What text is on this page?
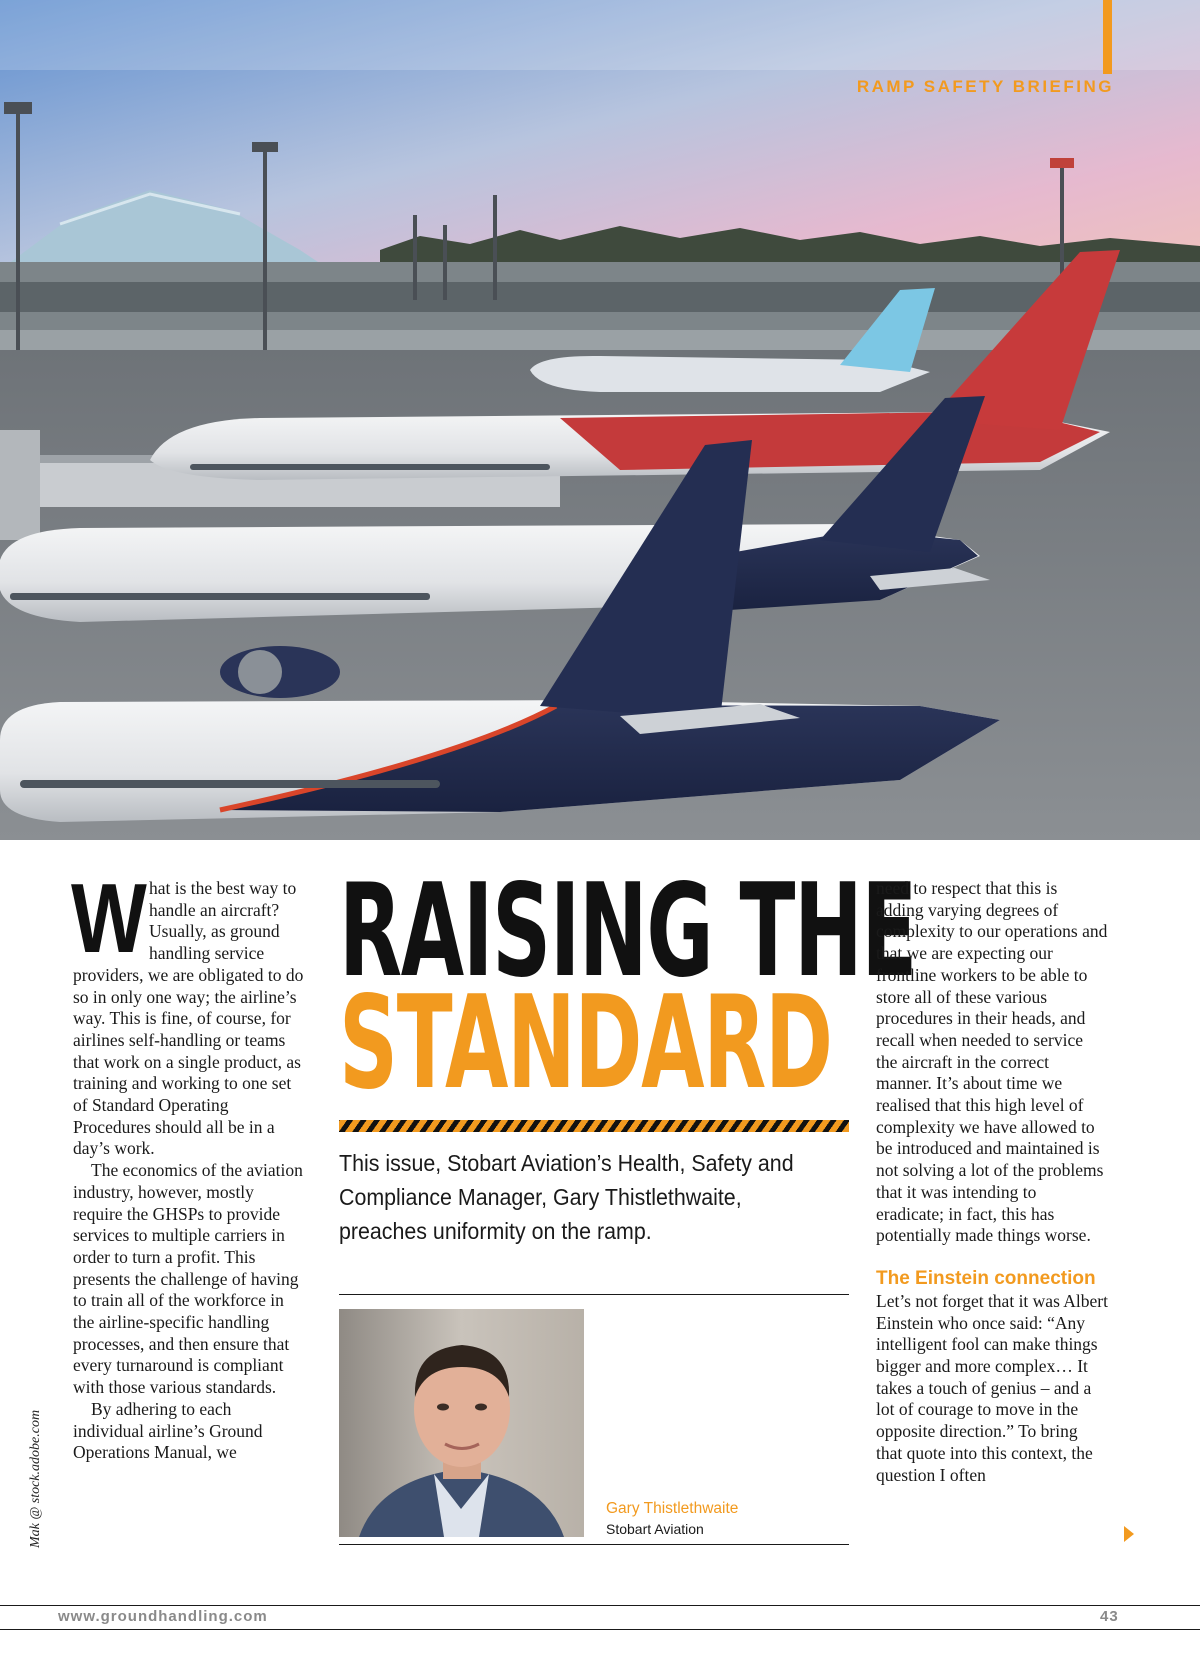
RAMP SAFETY BRIEFING

What is the best way to handle an aircraft? Usually, as ground handling service providers, we are obligated to do so in only one way; the airline’s way. This is fine, of course, for airlines self-handling or teams that work on a single product, as training and working to one set of Standard Operating Procedures should all be in a day’s work.

The economics of the aviation industry, however, mostly require the GHSPs to provide services to multiple carriers in order to turn a profit. This presents the challenge of having to train all of the workforce in the airline-specific handling processes, and then ensure that every turnaround is compliant with those various standards.

By adhering to each individual airline’s Ground Operations Manual, we

RAISING THE
STANDARD
This issue, Stobart Aviation’s Health, Safety and Compliance Manager, Gary Thistlethwaite, preaches uniformity on the ramp.
Gary Thistlethwaite
Stobart Aviation

need to respect that this is adding varying degrees of complexity to our operations and that we are expecting our frontline workers to be able to store all of these various procedures in their heads, and recall when needed to service the aircraft in the correct manner. It’s about time we realised that this high level of complexity we have allowed to be introduced and maintained is not solving a lot of the problems that it was intending to eradicate; in fact, this has potentially made things worse.

The Einstein connection

Let’s not forget that it was Albert Einstein who once said: “Any intelligent fool can make things bigger and more complex… It takes a touch of genius – and a lot of courage to move in the opposite direction.” To bring that quote into this context, the question I often

Mak @ stock.adobe.com
www.groundhandling.com	43
